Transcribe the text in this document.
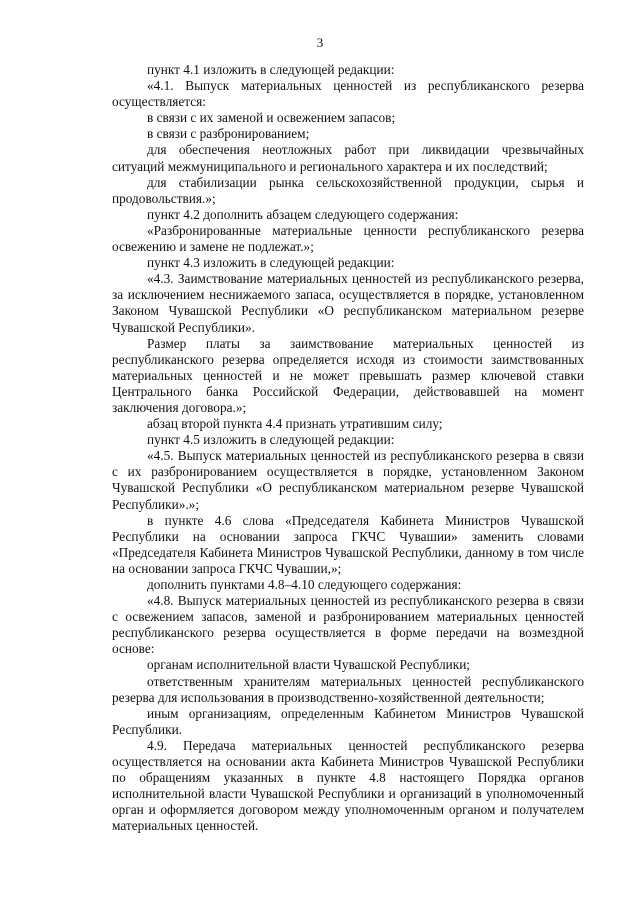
3

пункт 4.1 изложить в следующей редакции:

«4.1. Выпуск материальных ценностей из республиканского резерва осуществляется:

в связи с их заменой и освежением запасов;

в связи с разбронированием;

для обеспечения неотложных работ при ликвидации чрезвычайных ситуаций межмуниципального и регионального характера и их последствий;

для стабилизации рынка сельскохозяйственной продукции, сырья и продовольствия.»;

пункт 4.2 дополнить абзацем следующего содержания:

«Разбронированные материальные ценности республиканского резерва освежению и замене не подлежат.»;

пункт 4.3 изложить в следующей редакции:

«4.3. Заимствование материальных ценностей из республиканского резерва, за исключением неснижаемого запаса, осуществляется в порядке, установленном Законом Чувашской Республики «О республиканском материальном резерве Чувашской Республики».

Размер платы за заимствование материальных ценностей из республиканского резерва определяется исходя из стоимости заимствованных материальных ценностей и не может превышать размер ключевой ставки Центрального банка Российской Федерации, действовавшей на момент заключения договора.»;

абзац второй пункта 4.4 признать утратившим силу;

пункт 4.5 изложить в следующей редакции:

«4.5. Выпуск материальных ценностей из республиканского резерва в связи с их разбронированием осуществляется в порядке, установленном Законом Чувашской Республики «О республиканском материальном резерве Чувашской Республики».»;

в пункте 4.6 слова «Председателя Кабинета Министров Чувашской Республики на основании запроса ГКЧС Чувашии» заменить словами «Председателя Кабинета Министров Чувашской Республики, данному в том числе на основании запроса ГКЧС Чувашии,»;

дополнить пунктами 4.8–4.10 следующего содержания:

«4.8. Выпуск материальных ценностей из республиканского резерва в связи с освежением запасов, заменой и разбронированием материальных ценностей республиканского резерва осуществляется в форме передачи на возмездной основе:

органам исполнительной власти Чувашской Республики;

ответственным хранителям материальных ценностей республиканского резерва для использования в производственно-хозяйственной деятельности;

иным организациям, определенным Кабинетом Министров Чувашской Республики.

4.9. Передача материальных ценностей республиканского резерва осуществляется на основании акта Кабинета Министров Чувашской Республики по обращениям указанных в пункте 4.8 настоящего Порядка органов исполнительной власти Чувашской Республики и организаций в уполномоченный орган и оформляется договором между уполномоченным органом и получателем материальных ценностей.
